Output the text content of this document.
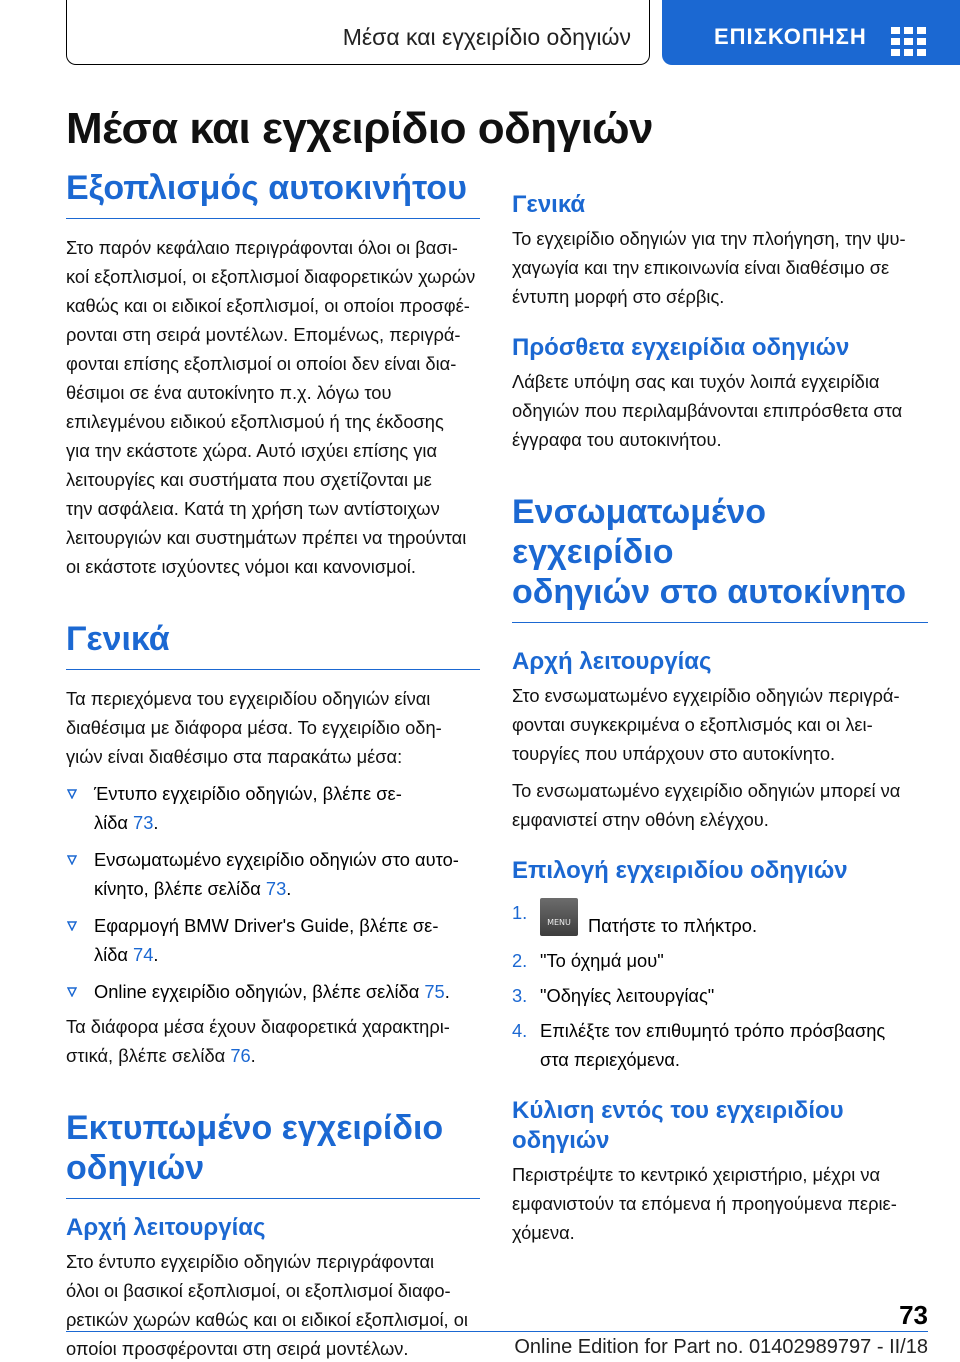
Μέσα και εγχειρίδιο οδηγιών	ΕΠΙΣΚΟΠΗΣΗ
Μέσα και εγχειρίδιο οδηγιών
Εξοπλισμός αυτοκινήτου
Στο παρόν κεφάλαιο περιγράφονται όλοι οι βασι-
κοί εξοπλισμοί, οι εξοπλισμοί διαφορετικών χωρών
καθώς και οι ειδικοί εξοπλισμοί, οι οποίοι προσφέ-
ρονται στη σειρά μοντέλων. Επομένως, περιγρά-
φονται επίσης εξοπλισμοί οι οποίοι δεν είναι δια-
θέσιμοι σε ένα αυτοκίνητο π.χ. λόγω του
επιλεγμένου ειδικού εξοπλισμού ή της έκδοσης
για την εκάστοτε χώρα. Αυτό ισχύει επίσης για
λειτουργίες και συστήματα που σχετίζονται με
την ασφάλεια. Κατά τη χρήση των αντίστοιχων
λειτουργιών και συστημάτων πρέπει να τηρούνται
οι εκάστοτε ισχύοντες νόμοι και κανονισμοί.
Γενικά
Τα περιεχόμενα του εγχειριδίου οδηγιών είναι
διαθέσιμα με διάφορα μέσα. Το εγχειρίδιο οδη-
γιών είναι διαθέσιμο στα παρακάτω μέσα:
Έντυπο εγχειρίδιο οδηγιών, βλέπε σε-
λίδα 73.
Ενσωματωμένο εγχειρίδιο οδηγιών στο αυτο-
κίνητο, βλέπε σελίδα 73.
Εφαρμογή BMW Driver's Guide, βλέπε σε-
λίδα 74.
Online εγχειρίδιο οδηγιών, βλέπε σελίδα 75.
Τα διάφορα μέσα έχουν διαφορετικά χαρακτηρι-
στικά, βλέπε σελίδα 76.
Εκτυπωμένο εγχειρίδιο
οδηγιών
Αρχή λειτουργίας
Στο έντυπο εγχειρίδιο οδηγιών περιγράφονται
όλοι οι βασικοί εξοπλισμοί, οι εξοπλισμοί διαφο-
ρετικών χωρών καθώς και οι ειδικοί εξοπλισμοί, οι
οποίοι προσφέρονται στη σειρά μοντέλων.
Γενικά
Το εγχειρίδιο οδηγιών για την πλοήγηση, την ψυ-
χαγωγία και την επικοινωνία είναι διαθέσιμο σε
έντυπη μορφή στο σέρβις.
Πρόσθετα εγχειρίδια οδηγιών
Λάβετε υπόψη σας και τυχόν λοιπά εγχειρίδια
οδηγιών που περιλαμβάνονται επιπρόσθετα στα
έγγραφα του αυτοκινήτου.
Ενσωματωμένο εγχειρίδιο
οδηγιών στο αυτοκίνητο
Αρχή λειτουργίας
Στο ενσωματωμένο εγχειρίδιο οδηγιών περιγρά-
φονται συγκεκριμένα ο εξοπλισμός και οι λει-
τουργίες που υπάρχουν στο αυτοκίνητο.
Το ενσωματωμένο εγχειρίδιο οδηγιών μπορεί να
εμφανιστεί στην οθόνη ελέγχου.
Επιλογή εγχειριδίου οδηγιών
1.	MENU Πατήστε το πλήκτρο.
2. "Το όχημά μου"
3. "Οδηγίες λειτουργίας"
4. Επιλέξτε τον επιθυμητό τρόπο πρόσβασης
στα περιεχόμενα.
Κύλιση εντός του εγχειριδίου
οδηγιών
Περιστρέψτε το κεντρικό χειριστήριο, μέχρι να
εμφανιστούν τα επόμενα ή προηγούμενα περιε-
χόμενα.
73
Online Edition for Part no. 01402989797 - II/18
